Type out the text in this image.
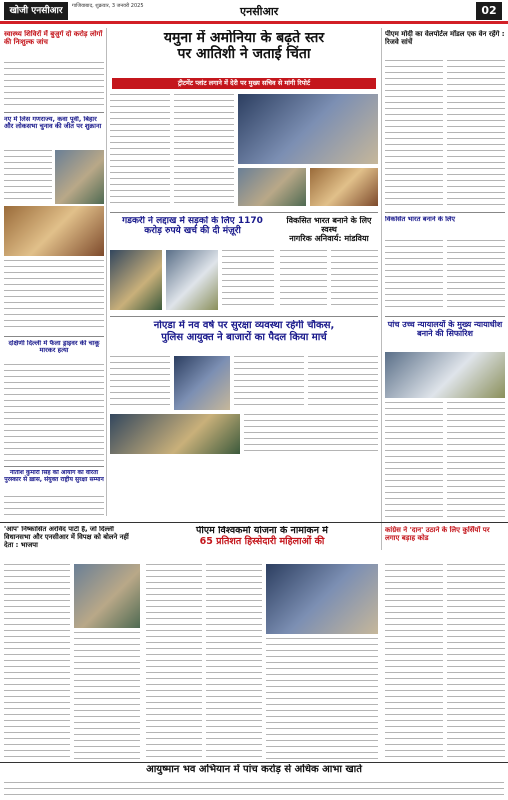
खोजी एनसीआर	गाजियाबाद, शुक्रवार, 3 जनवरी 2025	एनसीआर	02
स्वास्थ्य शिविरों में बुजुर्ग दो करोड़ लोगों की निःशुल्क जांच
नए में लिस गणराज्य, कवा पूर्वी, बिहार और लोकसभा चुनाव की जीत पर शुक्राना
दक्षिणी दिल्ली में फैला ड्राइवर की चाकू मारकर हत्या
नीतीश कुमारी सिंह को आयोग का वीरता पुरस्कार से ख़ास, संयुक्त राष्ट्रीय सुरक्षा सम्मान
यमुना में अमोनिया के बढ़ते स्तर
पर आतिशी ने जताई चिंता
ट्रीटमेंट प्लांट लगाने में देरी पर मुख्य सचिव से मांगी रिपोर्ट
गडकरी ने लद्दाख में सड़कों के लिए 1170
करोड़ रुपये खर्च की दी मंज़ूरी
विकसित भारत बनाने के लिए स्वस्थ
नागरिक अनिवार्य: मांडविया
नोएडा में नव वर्ष पर सुरक्षा व्यवस्था रहेगी चौकस,
पुलिस आयुक्त ने बाजारों का पैदल किया मार्च
पीएम मोदी का वेलपोर्टल मॉडल एक वेन रहेंगे : रिजवे सांचें
विकसित भारत बनाने के लिए
पांच उच्च न्यायालयों के मुख्य न्यायाधीश बनाने की सिफारिश
'आप' निष्कासित अरविंद पार्टी है, जो दिल्ली विधानसभा और एनसीआर में विपक्ष को बोलने नहीं देता : भाजपा
पीएम विश्वकर्मा योजना के नामांकन में
65 प्रतिशत हिस्सेदारी महिलाओं की
कांग्रेस ने 'दान' उठाने के लिए कुर्सियों पर लगाए बड़ाह कोड
आयुष्मान भव अभियान में पांच करोड़ से अधिक आभा खाते
